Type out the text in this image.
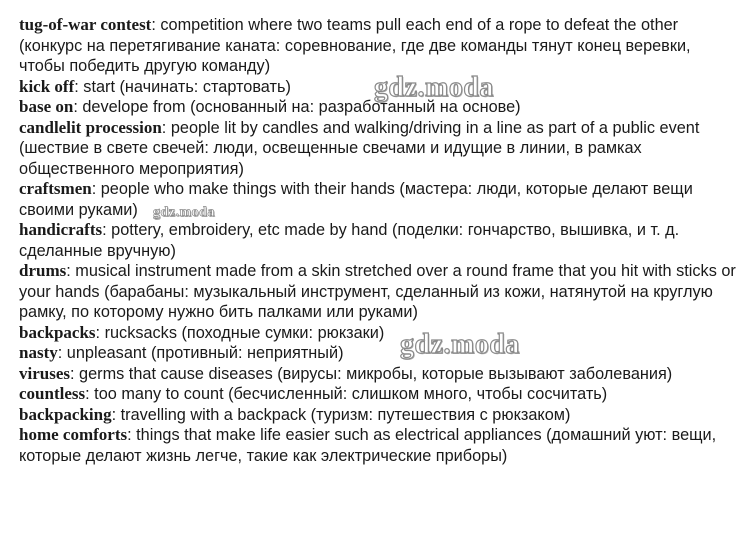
tug-of-war contest: competition where two teams pull each end of a rope to defeat the other (конкурс на перетягивание каната: соревнование, где две команды тянут конец веревки, чтобы победить другую команду)
kick off: start (начинать: стартовать)
base on: develope from (основанный на: разработанный на основе)
candlelit procession: people lit by candles and walking/driving in a line as part of a public event (шествие в свете свечей: люди, освещенные свечами и идущие в линии, в рамках общественного мероприятия)
craftsmen: people who make things with their hands (мастера: люди, которые делают вещи своими руками)
handicrafts: pottery, embroidery, etc made by hand (поделки: гончарство, вышивка, и т. д. сделанные вручную)
drums: musical instrument made from a skin stretched over a round frame that you hit with sticks or your hands (барабаны: музыкальный инструмент, сделанный из кожи, натянутой на круглую рамку, по которому нужно бить палками или руками)
backpacks: rucksacks (походные сумки: рюкзаки)
nasty: unpleasant (противный: неприятный)
viruses: germs that cause diseases (вирусы: микробы, которые вызывают заболевания)
countless: too many to count (бесчисленный: слишком много, чтобы сосчитать)
backpacking: travelling with a backpack (туризм: путешествия с рюкзаком)
home comforts: things that make life easier such as electrical appliances (домашний уют: вещи, которые делают жизнь легче, такие как электрические приборы)
gdz.moda
gdz.moda
gdz.moda
